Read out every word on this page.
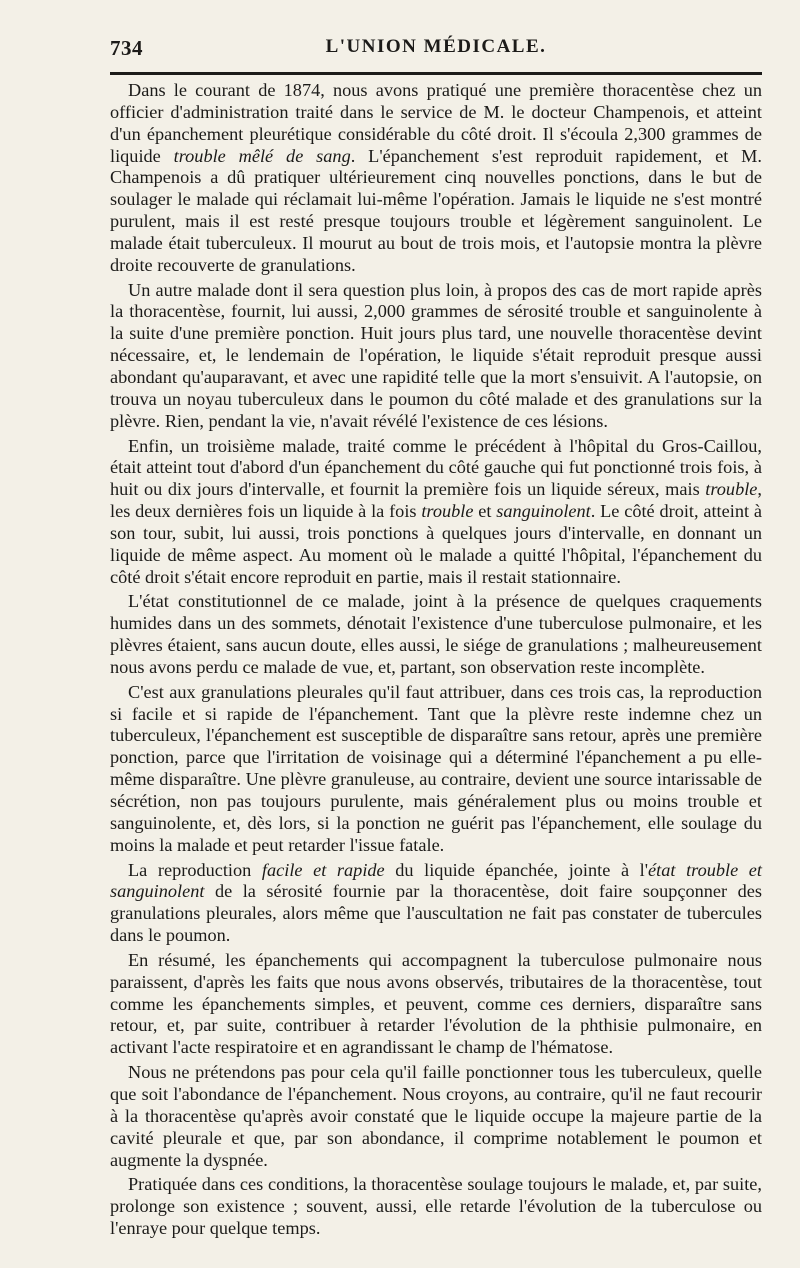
734	L'UNION MÉDICALE.

Dans le courant de 1874, nous avons pratiqué une première thoracentèse chez un officier d'administration traité dans le service de M. le docteur Champenois, et atteint d'un épanchement pleurétique considérable du côté droit. Il s'écoula 2,300 grammes de liquide trouble mêlé de sang. L'épanchement s'est reproduit rapidement, et M. Champenois a dû pratiquer ultérieurement cinq nouvelles ponctions, dans le but de soulager le malade qui réclamait lui-même l'opération. Jamais le liquide ne s'est montré purulent, mais il est resté presque toujours trouble et légèrement sanguinolent. Le malade était tuberculeux. Il mourut au bout de trois mois, et l'autopsie montra la plèvre droite recouverte de granulations.

Un autre malade dont il sera question plus loin, à propos des cas de mort rapide après la thoracentèse, fournit, lui aussi, 2,000 grammes de sérosité trouble et sanguinolente à la suite d'une première ponction. Huit jours plus tard, une nouvelle thoracentèse devint nécessaire, et, le lendemain de l'opération, le liquide s'était reproduit presque aussi abondant qu'auparavant, et avec une rapidité telle que la mort s'ensuivit. A l'autopsie, on trouva un noyau tuberculeux dans le poumon du côté malade et des granulations sur la plèvre. Rien, pendant la vie, n'avait révélé l'existence de ces lésions.

Enfin, un troisième malade, traité comme le précédent à l'hôpital du Gros-Caillou, était atteint tout d'abord d'un épanchement du côté gauche qui fut ponctionné trois fois, à huit ou dix jours d'intervalle, et fournit la première fois un liquide séreux, mais trouble, les deux dernières fois un liquide à la fois trouble et sanguinolent. Le côté droit, atteint à son tour, subit, lui aussi, trois ponctions à quelques jours d'intervalle, en donnant un liquide de même aspect. Au moment où le malade a quitté l'hôpital, l'épanchement du côté droit s'était encore reproduit en partie, mais il restait stationnaire.

L'état constitutionnel de ce malade, joint à la présence de quelques craquements humides dans un des sommets, dénotait l'existence d'une tuberculose pulmonaire, et les plèvres étaient, sans aucun doute, elles aussi, le siége de granulations ; malheureusement nous avons perdu ce malade de vue, et, partant, son observation reste incomplète.

C'est aux granulations pleurales qu'il faut attribuer, dans ces trois cas, la reproduction si facile et si rapide de l'épanchement. Tant que la plèvre reste indemne chez un tuberculeux, l'épanchement est susceptible de disparaître sans retour, après une première ponction, parce que l'irritation de voisinage qui a déterminé l'épanchement a pu elle-même disparaître. Une plèvre granuleuse, au contraire, devient une source intarissable de sécrétion, non pas toujours purulente, mais généralement plus ou moins trouble et sanguinolente, et, dès lors, si la ponction ne guérit pas l'épanchement, elle soulage du moins la malade et peut retarder l'issue fatale.

La reproduction facile et rapide du liquide épanchée, jointe à l'état trouble et sanguinolent de la sérosité fournie par la thoracentèse, doit faire soupçonner des granulations pleurales, alors même que l'auscultation ne fait pas constater de tubercules dans le poumon.

En résumé, les épanchements qui accompagnent la tuberculose pulmonaire nous paraissent, d'après les faits que nous avons observés, tributaires de la thoracentèse, tout comme les épanchements simples, et peuvent, comme ces derniers, disparaître sans retour, et, par suite, contribuer à retarder l'évolution de la phthisie pulmonaire, en activant l'acte respiratoire et en agrandissant le champ de l'hématose.

Nous ne prétendons pas pour cela qu'il faille ponctionner tous les tuberculeux, quelle que soit l'abondance de l'épanchement. Nous croyons, au contraire, qu'il ne faut recourir à la thoracentèse qu'après avoir constaté que le liquide occupe la majeure partie de la cavité pleurale et que, par son abondance, il comprime notablement le poumon et augmente la dyspnée.

Pratiquée dans ces conditions, la thoracentèse soulage toujours le malade, et, par suite, prolonge son existence ; souvent, aussi, elle retarde l'évolution de la tuberculose ou l'enraye pour quelque temps.
